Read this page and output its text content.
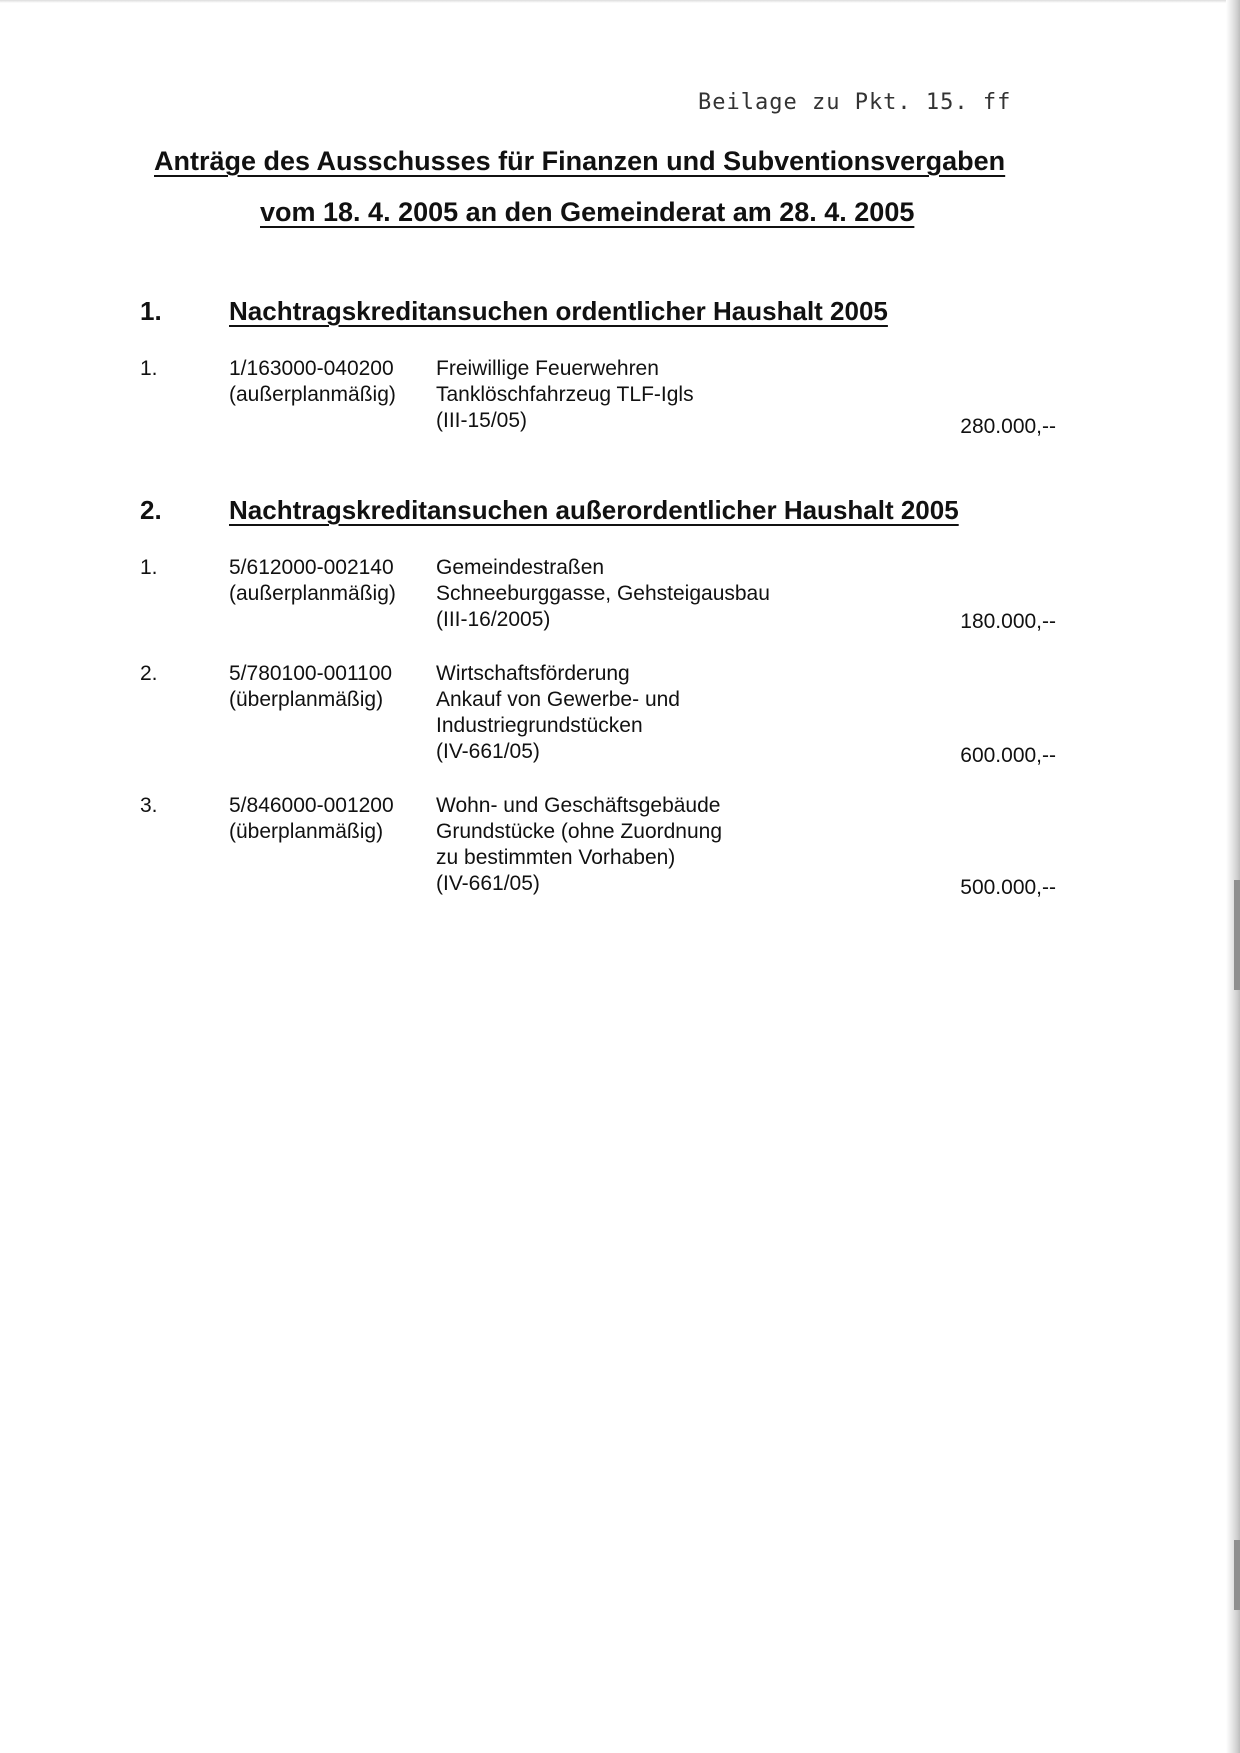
Beilage zu Pkt. 15. ff
Anträge des Ausschusses für Finanzen und Subventionsvergaben
vom 18. 4. 2005 an den Gemeinderat am 28. 4. 2005
1.	Nachtragskreditansuchen ordentlicher Haushalt 2005
1.	1/163000-040200
(außerplanmäßig)
Freiwillige Feuerwehren
Tanklöschfahrzeug TLF-Igls
(III-15/05)	280.000,--
2.	Nachtragskreditansuchen außerordentlicher Haushalt 2005
1.	5/612000-002140
(außerplanmäßig)
Gemeindestraßen
Schneeburggasse, Gehsteigausbau
(III-16/2005)	180.000,--
2.	5/780100-001100
(überplanmäßig)
Wirtschaftsförderung
Ankauf von Gewerbe- und
Industriegrundstücken
(IV-661/05)	600.000,--
3.	5/846000-001200
(überplanmäßig)
Wohn- und Geschäftsgebäude
Grundstücke (ohne Zuordnung
zu bestimmten Vorhaben)
(IV-661/05)	500.000,--
